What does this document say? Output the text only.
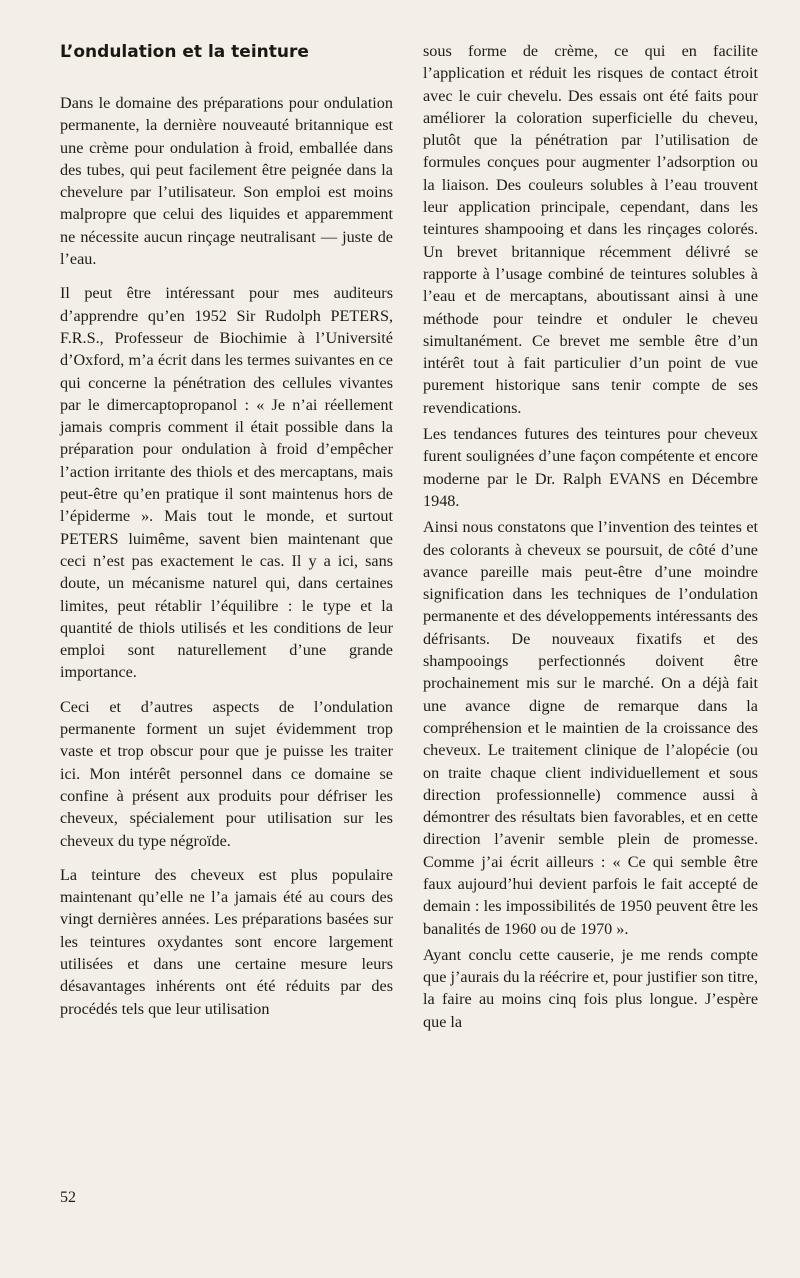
L’ondulation et la teinture

Dans le domaine des préparations pour ondulation permanente, la dernière nouveauté britannique est une crème pour ondulation à froid, emballée dans des tubes, qui peut facilement être peignée dans la chevelure par l’utilisateur. Son emploi est moins malpropre que celui des liquides et apparemment ne nécessite aucun rinçage neutralisant — juste de l’eau.

Il peut être intéressant pour mes auditeurs d’apprendre qu’en 1952 Sir Rudolph PETERS, F.R.S., Professeur de Biochimie à l’Université d’Oxford, m’a écrit dans les termes suivantes en ce qui concerne la pénétration des cellules vivantes par le dimercaptopropanol : « Je n’ai réellement jamais compris comment il était possible dans la préparation pour ondulation à froid d’empêcher l’action irritante des thiols et des mercaptans, mais peut-être qu’en pratique il sont maintenus hors de l’épiderme ». Mais tout le monde, et surtout PETERS luimême, savent bien maintenant que ceci n’est pas exactement le cas. Il y a ici, sans doute, un mécanisme naturel qui, dans certaines limites, peut rétablir l’équilibre : le type et la quantité de thiols utilisés et les conditions de leur emploi sont naturellement d’une grande importance.

Ceci et d’autres aspects de l’ondulation permanente forment un sujet évidemment trop vaste et trop obscur pour que je puisse les traiter ici. Mon intérêt personnel dans ce domaine se confine à présent aux produits pour défriser les cheveux, spécialement pour utilisation sur les cheveux du type négroïde.

La teinture des cheveux est plus populaire maintenant qu’elle ne l’a jamais été au cours des vingt dernières années. Les préparations basées sur les teintures oxydantes sont encore largement utilisées et dans une certaine mesure leurs désavantages inhérents ont été réduits par des procédés tels que leur utilisation

sous forme de crème, ce qui en facilite l’application et réduit les risques de contact étroit avec le cuir chevelu. Des essais ont été faits pour améliorer la coloration superficielle du cheveu, plutôt que la pénétration par l’utilisation de formules conçues pour augmenter l’adsorption ou la liaison. Des couleurs solubles à l’eau trouvent leur application principale, cependant, dans les teintures shampooing et dans les rinçages colorés. Un brevet britannique récemment délivré se rapporte à l’usage combiné de teintures solubles à l’eau et de mercaptans, aboutissant ainsi à une méthode pour teindre et onduler le cheveu simultanément. Ce brevet me semble être d’un intérêt tout à fait particulier d’un point de vue purement historique sans tenir compte de ses revendications.

Les tendances futures des teintures pour cheveux furent soulignées d’une façon compétente et encore moderne par le Dr. Ralph EVANS en Décembre 1948.

Ainsi nous constatons que l’invention des teintes et des colorants à cheveux se poursuit, de côté d’une avance pareille mais peut-être d’une moindre signification dans les techniques de l’ondulation permanente et des développements intéressants des défrisants. De nouveaux fixatifs et des shampooings perfectionnés doivent être prochainement mis sur le marché. On a déjà fait une avance digne de remarque dans la compréhension et le maintien de la croissance des cheveux. Le traitement clinique de l’alopécie (ou on traite chaque client individuellement et sous direction professionnelle) commence aussi à démontrer des résultats bien favorables, et en cette direction l’avenir semble plein de promesse. Comme j’ai écrit ailleurs : « Ce qui semble être faux aujourd’hui devient parfois le fait accepté de demain : les impossibilités de 1950 peuvent être les banalités de 1960 ou de 1970 ».

Ayant conclu cette causerie, je me rends compte que j’aurais du la réécrire et, pour justifier son titre, la faire au moins cinq fois plus longue. J’espère que la

52
